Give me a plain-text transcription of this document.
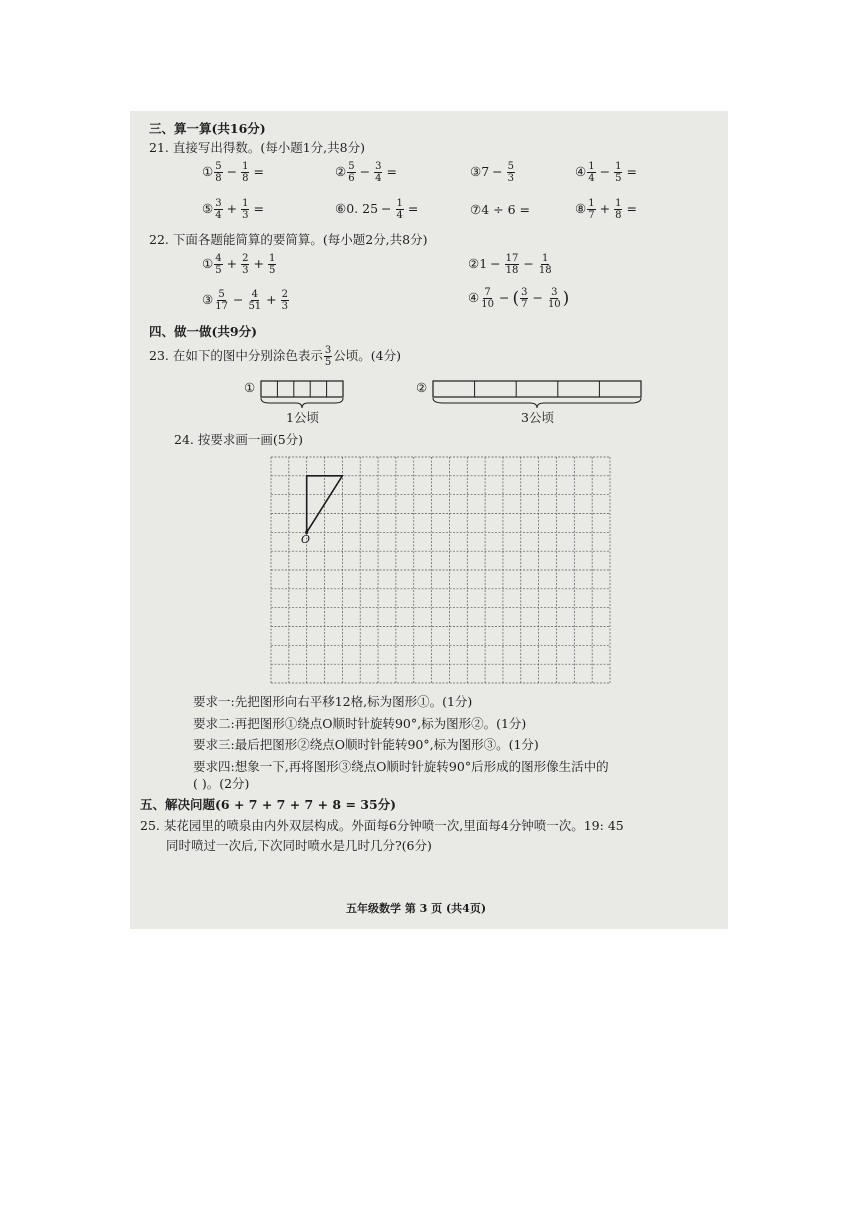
三、算一算(共16分)
21. 直接写出得数。(每小题1分,共8分)
① $\frac{5}{8} - \frac{1}{8}$ =	② $\frac{5}{6} - \frac{3}{4}$ =	③7 − $\frac{5}{3}$	④ $\frac{1}{4} - \frac{1}{5}$ =
⑤ $\frac{3}{4} + \frac{1}{3}$ =	⑥0. $25 - \frac{1}{4}$ =	⑦4 ÷ 6 =	⑧ $\frac{1}{7} + \frac{1}{8}$ =
22. 下面各题能简算的要简算。(每小题2分,共8分)
① $\frac{4}{5} + \frac{2}{3} + \frac{1}{5}$	②1 − $\frac{17}{18} - \frac{1}{18}$
③ $\frac{5}{17} - \frac{4}{51} + \frac{2}{3}$	④ $\frac{7}{10}$ − ( $\frac{3}{7} - \frac{3}{10}$ )
四、做一做(共9分)
23. 在如下的图中分别涂色表示 $\frac{3}{5}$ 公顷。(4分)
①
1公顷
②
3公顷
24. 按要求画一画(5分)
O
要求一:先把图形向右平移12格,标为图形①。(1分)
要求二:再把图形①绕点O顺时针旋转90°,标为图形②。(1分)
要求三:最后把图形②绕点O顺时针能转90°,标为图形③。(1分)
要求四:想象一下,再将图形③绕点O顺时针旋转90°后形成的图形像生活中的
( )。(2分)
五、解决问题(6 + 7 + 7 + 7 + 8 = 35分)
25. 某花园里的喷泉由内外双层构成。外面每6分钟喷一次,里面每4分钟喷一次。19: 45
同时喷过一次后,下次同时喷水是几时几分?(6分)
五年级数学 第 3 页 (共4页)
